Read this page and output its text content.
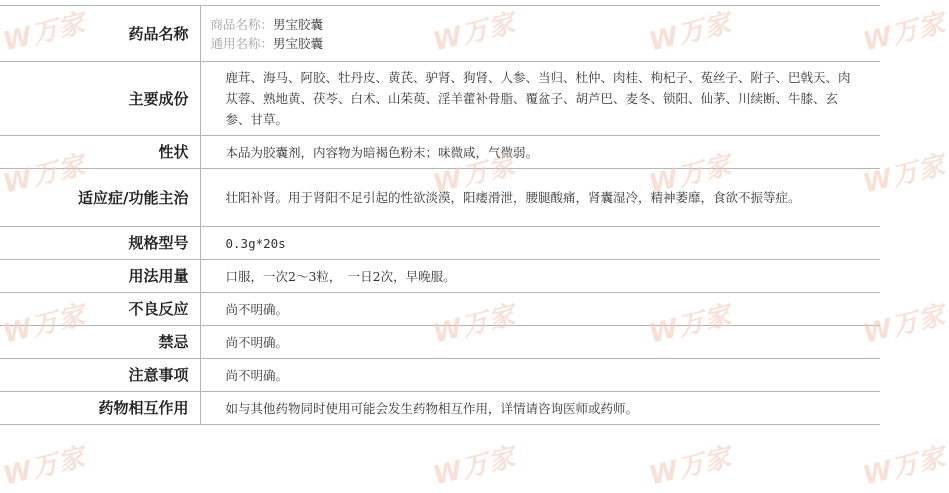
药品名称	商品名称：男宝胶囊
通用名称：男宝胶囊

主要成份	鹿茸、海马、阿胶、牡丹皮、黄芪、驴肾、狗肾、人参、当归、杜仲、肉桂、枸杞子、菟丝子、附子、巴戟天、肉苁蓉、熟地黄、茯苓、白术、山茱萸、淫羊藿补骨脂、覆盆子、胡芦巴、麦冬、锁阳、仙茅、川续断、牛膝、玄参、甘草。
性状	本品为胶囊剂，内容物为暗褐色粉末；味微咸，气微弱。
适应症/功能主治	壮阳补肾。用于肾阳不足引起的性欲淡漠，阳痿滑泄，腰腿酸痛，肾囊湿冷，精神萎靡，食欲不振等症。
规格型号	0.3g*20s
用法用量	口服，一次2～3粒，　一日2次，早晚服。
不良反应	尚不明确。
禁忌	尚不明确。
注意事项	尚不明确。
药物相互作用	如与其他药物同时使用可能会发生药物相互作用，详情请咨询医师或药师。
W万家	W万家	W万家	W万家
W万家	W万家	W万家	W万家
W万家	W万家	W万家	W万家
W万家	W万家	W万家	W万家
